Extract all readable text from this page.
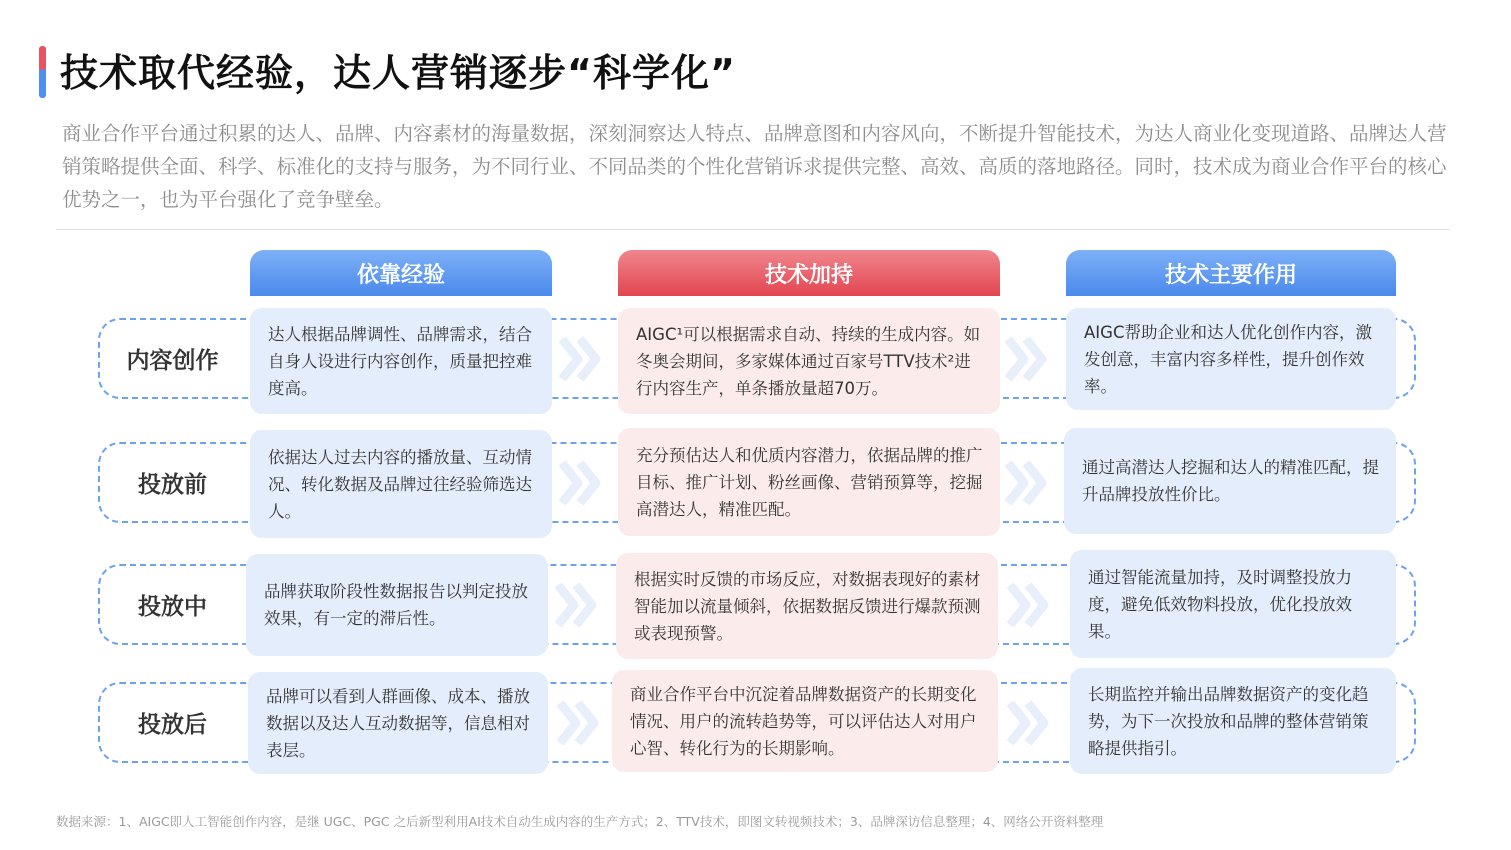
技术取代经验，达人营销逐步“科学化”
商业合作平台通过积累的达人、品牌、内容素材的海量数据，深刻洞察达人特点、品牌意图和内容风向，不断提升智能技术，为达人商业化变现道路、品牌达人营销策略提供全面、科学、标准化的支持与服务，为不同行业、不同品类的个性化营销诉求提供完整、高效、高质的落地路径。同时，技术成为商业合作平台的核心优势之一，也为平台强化了竞争壁垒。
依靠经验	技术加持	技术主要作用
内容创作
投放前
投放中
投放后
达人根据品牌调性、品牌需求，结合自身人设进行内容创作，质量把控难度高。
AIGC¹可以根据需求自动、持续的生成内容。如冬奥会期间，多家媒体通过百家号TTV技术²进行内容生产，单条播放量超70万。
AIGC帮助企业和达人优化创作内容，激发创意，丰富内容多样性，提升创作效率。
依据达人过去内容的播放量、互动情况、转化数据及品牌过往经验筛选达人。
充分预估达人和优质内容潜力，依据品牌的推广目标、推广计划、粉丝画像、营销预算等，挖掘高潜达人，精准匹配。
通过高潜达人挖掘和达人的精准匹配，提升品牌投放性价比。
品牌获取阶段性数据报告以判定投放效果，有一定的滞后性。
根据实时反馈的市场反应，对数据表现好的素材智能加以流量倾斜，依据数据反馈进行爆款预测或表现预警。
通过智能流量加持，及时调整投放力度，避免低效物料投放，优化投放效果。
品牌可以看到人群画像、成本、播放数据以及达人互动数据等，信息相对表层。
商业合作平台中沉淀着品牌数据资产的长期变化情况、用户的流转趋势等，可以评估达人对用户心智、转化行为的长期影响。
长期监控并输出品牌数据资产的变化趋势，为下一次投放和品牌的整体营销策略提供指引。
数据来源：1、AIGC即人工智能创作内容，是继 UGC、PGC 之后新型利用AI技术自动生成内容的生产方式；2、TTV技术，即图文转视频技术；3、品牌深访信息整理；4、网络公开资料整理
